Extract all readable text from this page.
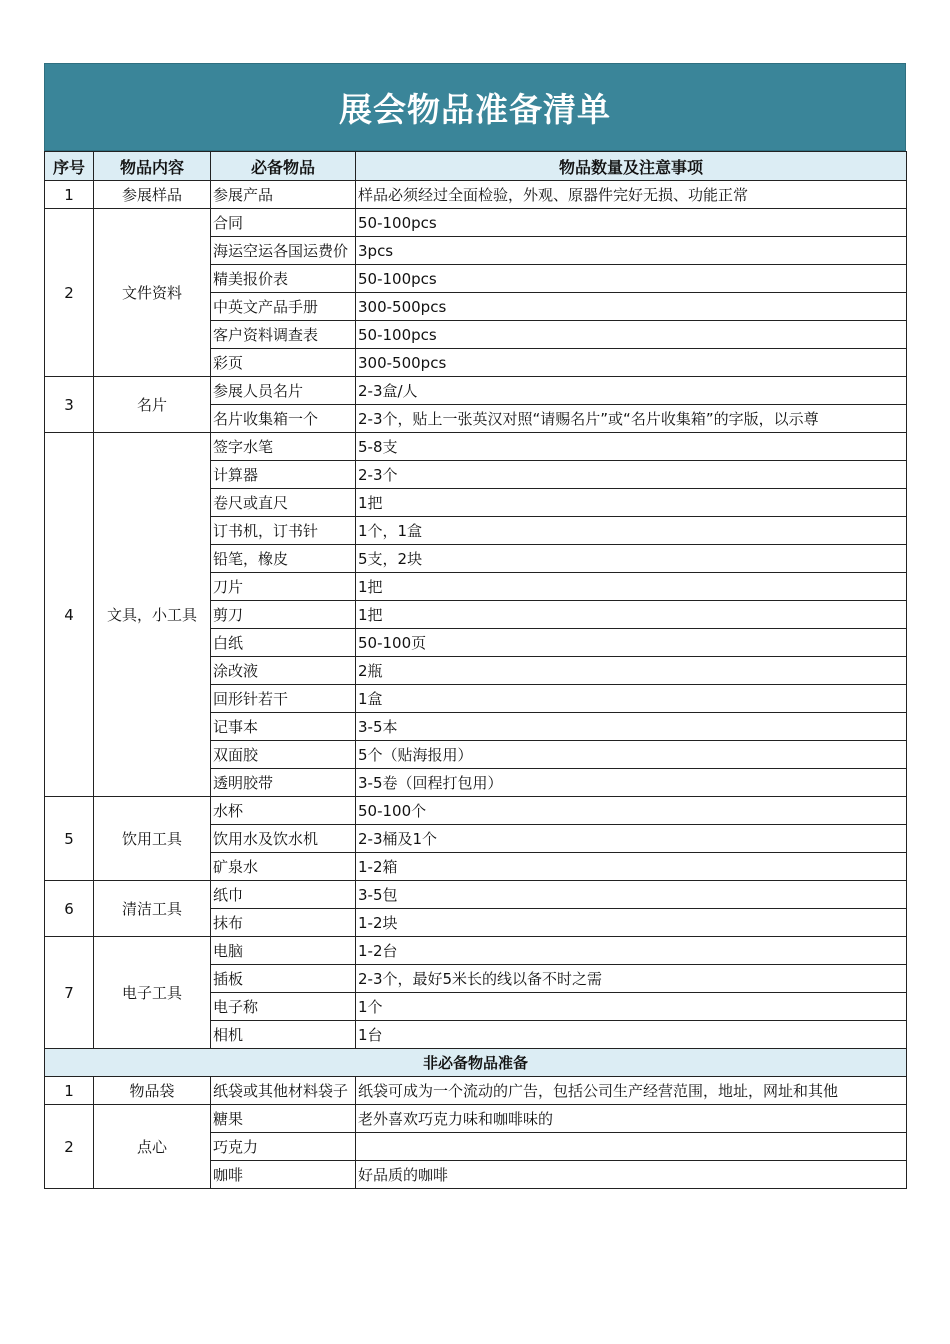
展会物品准备清单
序号	物品内容	必备物品	物品数量及注意事项
1	参展样品	参展产品	样品必须经过全面检验，外观、原器件完好无损、功能正常
2	文件资料	合同	50-100pcs
		海运空运各国运费价	3pcs
		精美报价表	50-100pcs
		中英文产品手册	300-500pcs
		客户资料调查表	50-100pcs
		彩页	300-500pcs
3	名片	参展人员名片	2-3盒/人
		名片收集箱一个	2-3个，贴上一张英汉对照“请赐名片”或“名片收集箱”的字版，以示尊
4	文具，小工具	签字水笔	5-8支
		计算器	2-3个
		卷尺或直尺	1把
		订书机，订书针	1个，1盒
		铅笔，橡皮	5支，2块
		刀片	1把
		剪刀	1把
		白纸	50-100页
		涂改液	2瓶
		回形针若干	1盒
		记事本	3-5本
		双面胶	5个（贴海报用）
		透明胶带	3-5卷（回程打包用）
5	饮用工具	水杯	50-100个
		饮用水及饮水机	2-3桶及1个
		矿泉水	1-2箱
6	清洁工具	纸巾	3-5包
		抹布	1-2块
7	电子工具	电脑	1-2台
		插板	2-3个，最好5米长的线以备不时之需
		电子称	1个
		相机	1台
非必备物品准备			
1	物品袋	纸袋或其他材料袋子	纸袋可成为一个流动的广告，包括公司生产经营范围，地址，网址和其他
2	点心	糖果	老外喜欢巧克力味和咖啡味的
		巧克力	
		咖啡	好品质的咖啡
